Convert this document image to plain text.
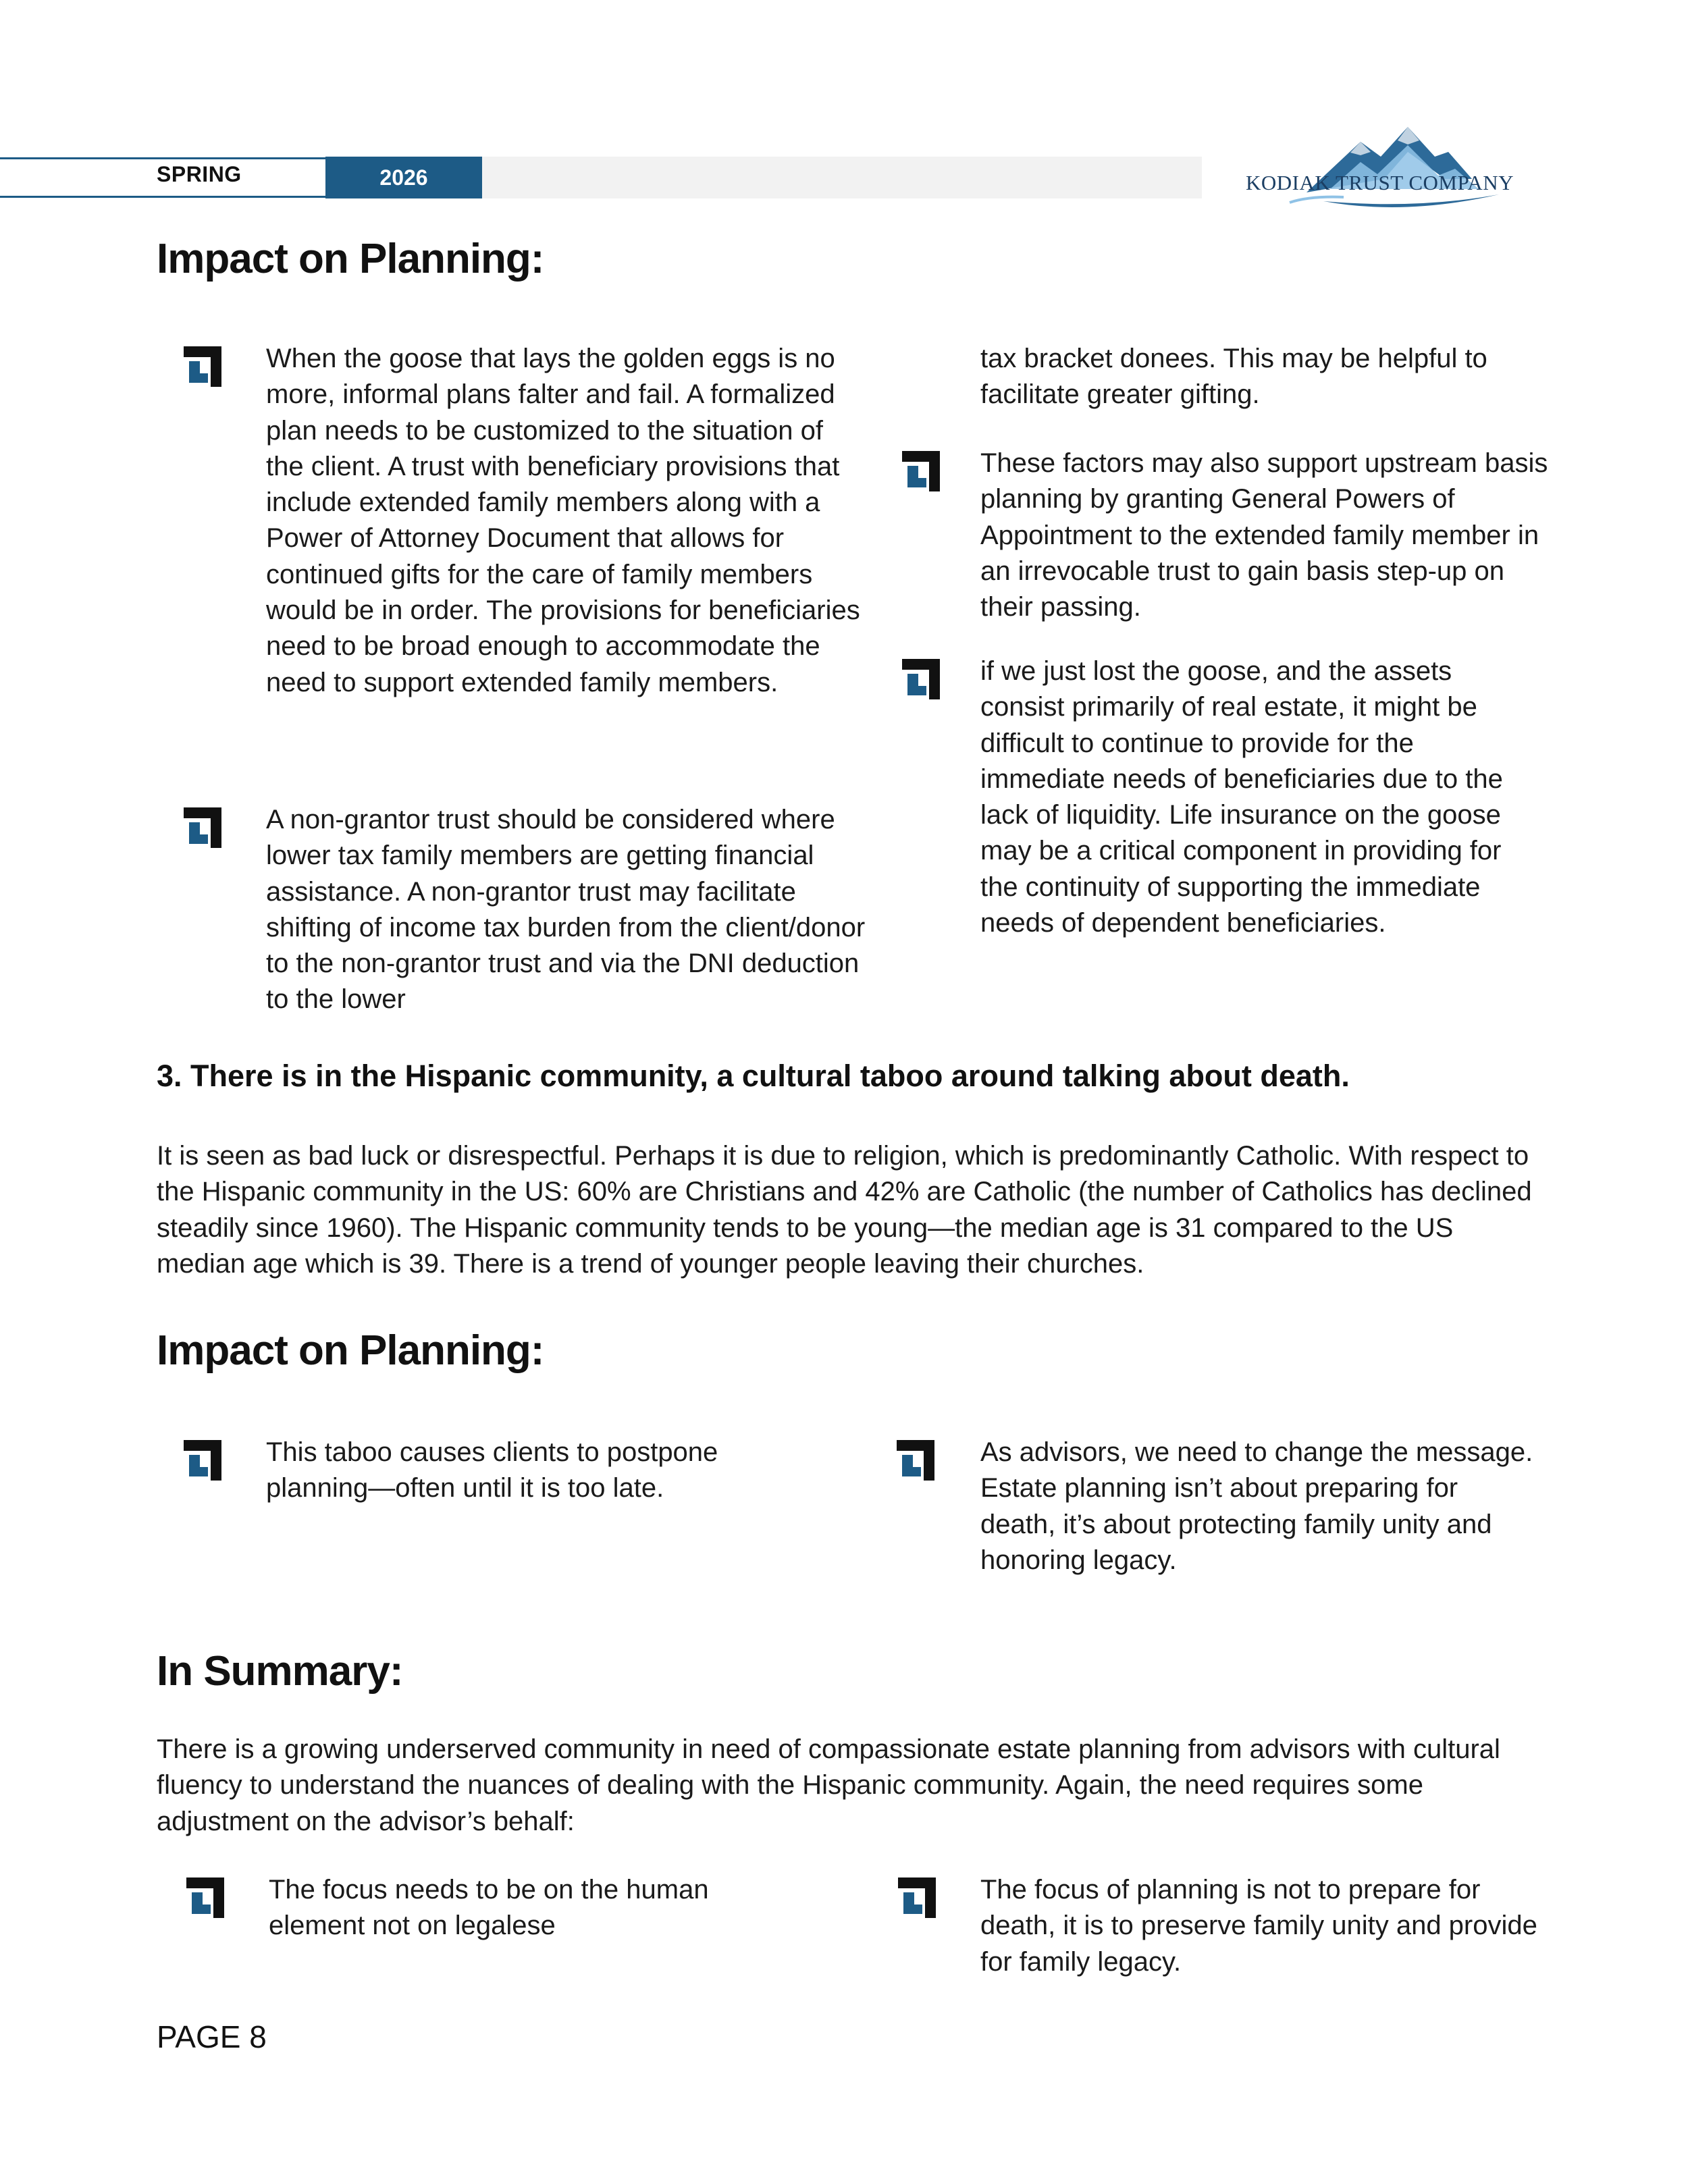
SPRING	2026	KODIAK TRUST COMPANY
Impact on Planning:
When the goose that lays the golden eggs is no more, informal plans falter and fail. A formalized plan needs to be customized to the situation of the client. A trust with beneficiary provisions that include extended family members along with a Power of Attorney Document that allows for continued gifts for the care of family members would be in order. The provisions for beneficiaries need to be broad enough to accommodate the need to support extended family members.
A non-grantor trust should be considered where lower tax family members are getting financial assistance. A non-grantor trust may facilitate shifting of income tax burden from the client/donor to the non-grantor trust and via the DNI deduction to the lower
tax bracket donees. This may be helpful to facilitate greater gifting.
These factors may also support upstream basis planning by granting General Powers of Appointment to the extended family member in an irrevocable trust to gain basis step-up on their passing.
if we just lost the goose, and the assets consist primarily of real estate, it might be difficult to continue to provide for the immediate needs of beneficiaries due to the lack of liquidity. Life insurance on the goose may be a critical component in providing for the continuity of supporting the immediate needs of dependent beneficiaries.
3. There is in the Hispanic community, a cultural taboo around talking about death.

It is seen as bad luck or disrespectful. Perhaps it is due to religion, which is predominantly Catholic. With respect to the Hispanic community in the US: 60% are Christians and 42% are Catholic (the number of Catholics has declined steadily since 1960). The Hispanic community tends to be young—the median age is 31 compared to the US median age which is 39. There is a trend of younger people leaving their churches.

Impact on Planning:
This taboo causes clients to postpone planning—often until it is too late.
As advisors, we need to change the message. Estate planning isn’t about preparing for death, it’s about protecting family unity and honoring legacy.
In Summary:

There is a growing underserved community in need of compassionate estate planning from advisors with cultural fluency to understand the nuances of dealing with the Hispanic community. Again, the need requires some adjustment on the advisor’s behalf:

The focus needs to be on the human element not on legalese
The focus of planning is not to prepare for death, it is to preserve family unity and provide for family legacy.
PAGE 8
